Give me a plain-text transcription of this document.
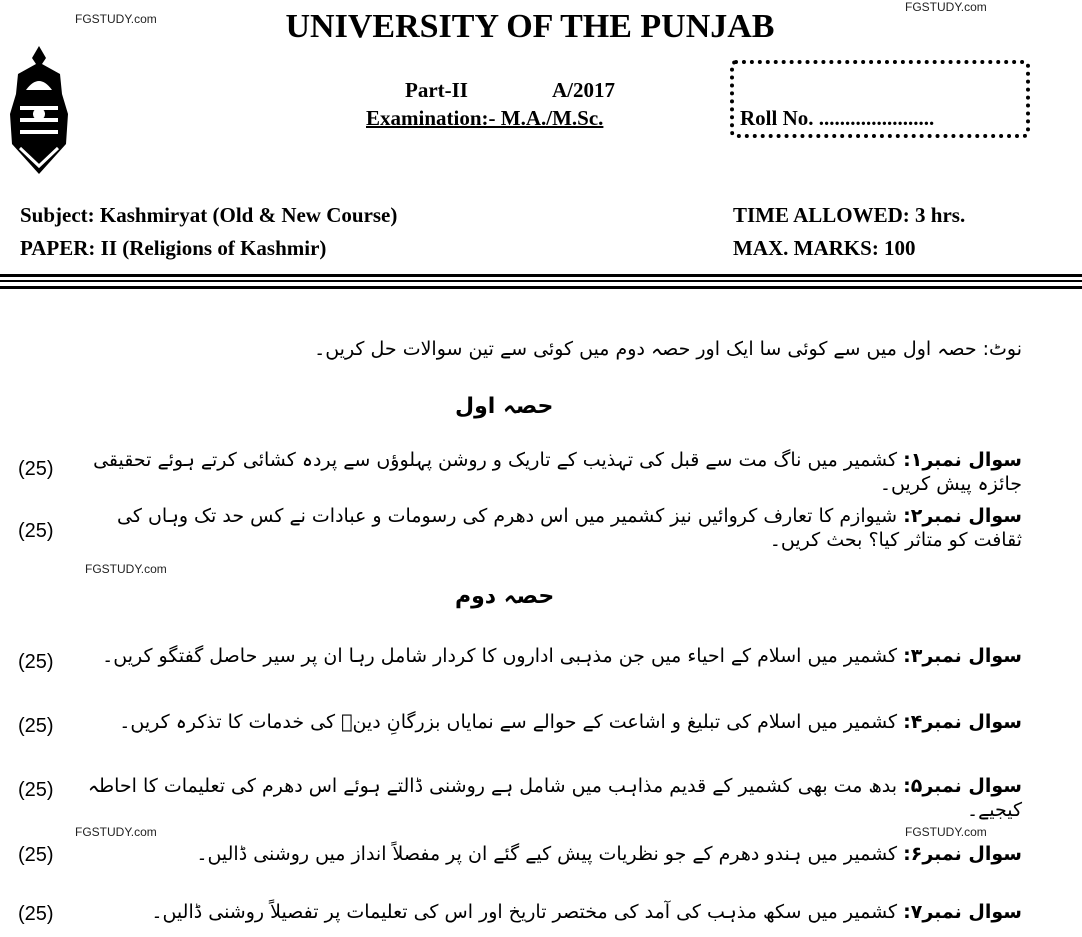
FGSTUDY.com
FGSTUDY.com
FGSTUDY.com
FGSTUDY.com
UNIVERSITY OF THE PUNJAB
Part-II	A/2017
Examination:- M.A./M.Sc.	Roll No. ......................
Subject: Kashmiryat (Old & New Course)
PAPER: II (Religions of Kashmir)
TIME ALLOWED: 3 hrs.
MAX. MARKS: 100
نوٹ: حصہ اول میں سے کوئی سا ایک اور حصہ دوم میں کوئی سے تین سوالات حل کریں۔
حصہ اول
سوال نمبر۱: کشمیر میں ناگ مت سے قبل کی تہذیب کے تاریک و روشن پہلوؤں سے پردہ کشائی کرتے ہوئے تحقیقی جائزہ پیش کریں۔
(25)
سوال نمبر۲: شیوازم کا تعارف کروائیں نیز کشمیر میں اس دھرم کی رسومات و عبادات نے کس حد تک وہاں کی ثقافت کو متاثر کیا؟ بحث کریں۔
(25)
FGSTUDY.com
حصہ دوم
سوال نمبر۳: کشمیر میں اسلام کے احیاء میں جن مذہبی اداروں کا کردار شامل رہا ان پر سیر حاصل گفتگو کریں۔
(25)
سوال نمبر۴: کشمیر میں اسلام کی تبلیغ و اشاعت کے حوالے سے نمایاں بزرگانِ دینؒ کی خدمات کا تذکرہ کریں۔
(25)
سوال نمبر۵: بدھ مت بھی کشمیر کے قدیم مذاہب میں شامل ہے روشنی ڈالتے ہوئے اس دھرم کی تعلیمات کا احاطہ کیجیے۔
(25)
سوال نمبر۶: کشمیر میں ہندو دھرم کے جو نظریات پیش کیے گئے ان پر مفصلاً انداز میں روشنی ڈالیں۔
(25)
سوال نمبر۷: کشمیر میں سکھ مذہب کی آمد کی مختصر تاریخ اور اس کی تعلیمات پر تفصیلاً روشنی ڈالیں۔
(25)
